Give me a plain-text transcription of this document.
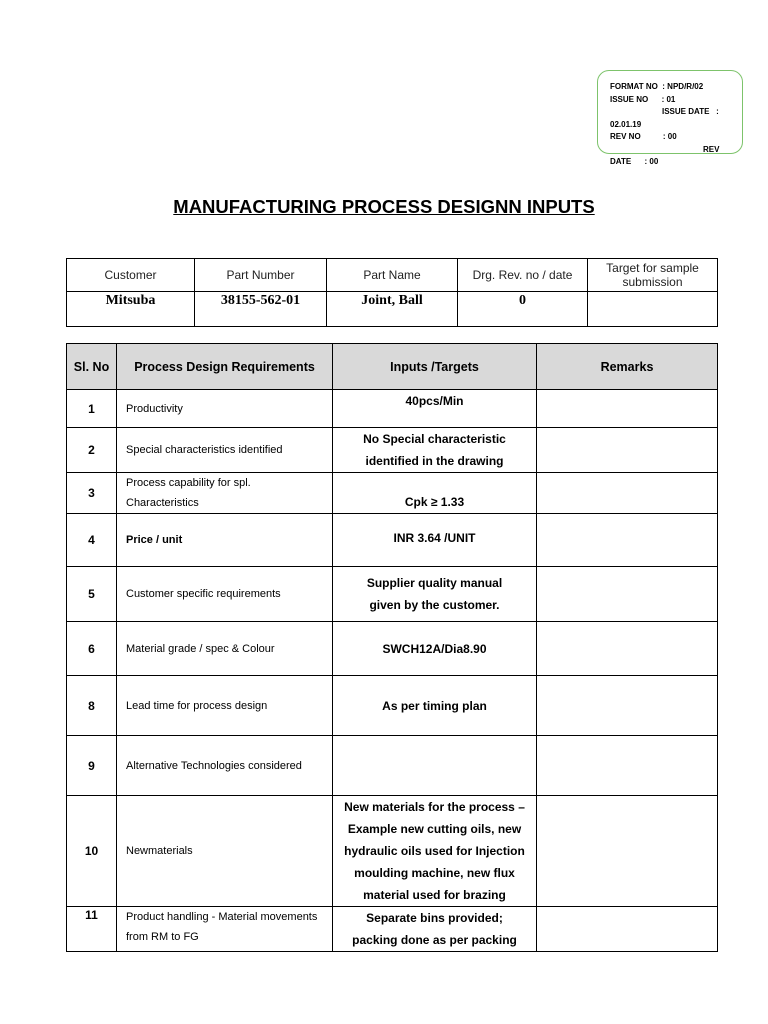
FORMAT NO  : NPD/R/02
ISSUE NO      : 01
ISSUE DATE   :
02.01.19
REV NO          : 00
REV
DATE      : 00
MANUFACTURING PROCESS DESIGNN INPUTS
Customer	Part Number	Part Name	Drg. Rev. no / date	Target for sample submission
Mitsuba	38155-562-01	Joint, Ball	0	
Sl. No	Process Design Requirements	Inputs /Targets	Remarks
1	Productivity	40pcs/Min	
2	Special characteristics identified	No Special characteristic identified in the drawing	
3	Process capability for spl. Characteristics	Cpk ≥ 1.33	
4	Price / unit	INR 3.64 /UNIT	
5	Customer specific requirements	Supplier quality manual given by the customer.	
6	Material grade / spec & Colour	SWCH12A/Dia8.90	
8	Lead time for process design	As per timing plan	
9	Alternative Technologies considered		
10	Newmaterials	New materials for the process – Example new cutting oils, new hydraulic oils used for Injection moulding machine, new flux material used for brazing	
11	Product handling - Material movements from RM to FG	Separate bins provided; packing done as per packing	
